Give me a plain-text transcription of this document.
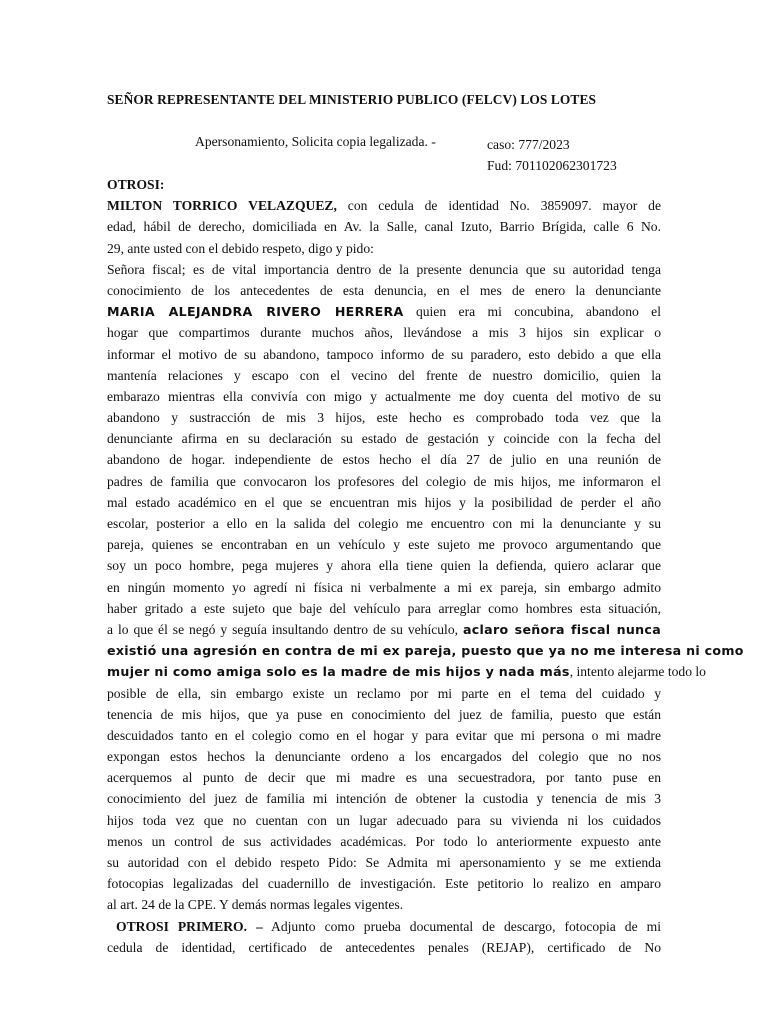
SEÑOR REPRESENTANTE DEL MINISTERIO PUBLICO (FELCV) LOS LOTES
Apersonamiento, Solicita copia legalizada. -	caso: 777/2023
Fud: 701102062301723
OTROSI:
MILTON TORRICO VELAZQUEZ, con cedula de identidad No. 3859097. mayor de
edad, hábil de derecho, domiciliada en Av. la Salle, canal Izuto, Barrio Brígida, calle 6 No.
29, ante usted con el debido respeto, digo y pido:
Señora fiscal; es de vital importancia dentro de la presente denuncia que su autoridad tenga
conocimiento de los antecedentes de esta denuncia, en el mes de enero la denunciante
MARIA ALEJANDRA RIVERO HERRERA quien era mi concubina, abandono el
hogar que compartimos durante muchos años, llevándose a mis 3 hijos sin explicar o
informar el motivo de su abandono, tampoco informo de su paradero, esto debido a que ella
mantenía relaciones y escapo con el vecino del frente de nuestro domicilio, quien la
embarazo mientras ella convivía con migo y actualmente me doy cuenta del motivo de su
abandono y sustracción de mis 3 hijos, este hecho es comprobado toda vez que la
denunciante afirma en su declaración su estado de gestación y coincide con la fecha del
abandono de hogar. independiente de estos hecho el día 27 de julio en una reunión de
padres de familia que convocaron los profesores del colegio de mis hijos, me informaron el
mal estado académico en el que se encuentran mis hijos y la posibilidad de perder el año
escolar, posterior a ello en la salida del colegio me encuentro con mi la denunciante y su
pareja, quienes se encontraban en un vehículo y este sujeto me provoco argumentando que
soy un poco hombre, pega mujeres y ahora ella tiene quien la defienda, quiero aclarar que
en ningún momento yo agredí ni física ni verbalmente a mi ex pareja, sin embargo admito
haber gritado a este sujeto que baje del vehículo para arreglar como hombres esta situación,
a lo que él se negó y seguía insultando dentro de su vehículo, aclaro señora fiscal nunca
existió una agresión en contra de mi ex pareja, puesto que ya no me interesa ni como
mujer ni como amiga solo es la madre de mis hijos y nada más, intento alejarme todo lo
posible de ella, sin embargo existe un reclamo por mi parte en el tema del cuidado y
tenencia de mis hijos, que ya puse en conocimiento del juez de familia, puesto que están
descuidados tanto en el colegio como en el hogar y para evitar que mi persona o mi madre
expongan estos hechos la denunciante ordeno a los encargados del colegio que no nos
acerquemos al punto de decir que mi madre es una secuestradora, por tanto puse en
conocimiento del juez de familia mi intención de obtener la custodia y tenencia de mis 3
hijos toda vez que no cuentan con un lugar adecuado para su vivienda ni los cuidados
menos un control de sus actividades académicas. Por todo lo anteriormente expuesto ante
su autoridad con el debido respeto Pido: Se Admita mi apersonamiento y se me extienda
fotocopias legalizadas del cuadernillo de investigación. Este petitorio lo realizo en amparo
al art. 24 de la CPE. Y demás normas legales vigentes.
OTROSI PRIMERO. – Adjunto como prueba documental de descargo, fotocopia de mi
cedula de identidad, certificado de antecedentes penales (REJAP), certificado de No
